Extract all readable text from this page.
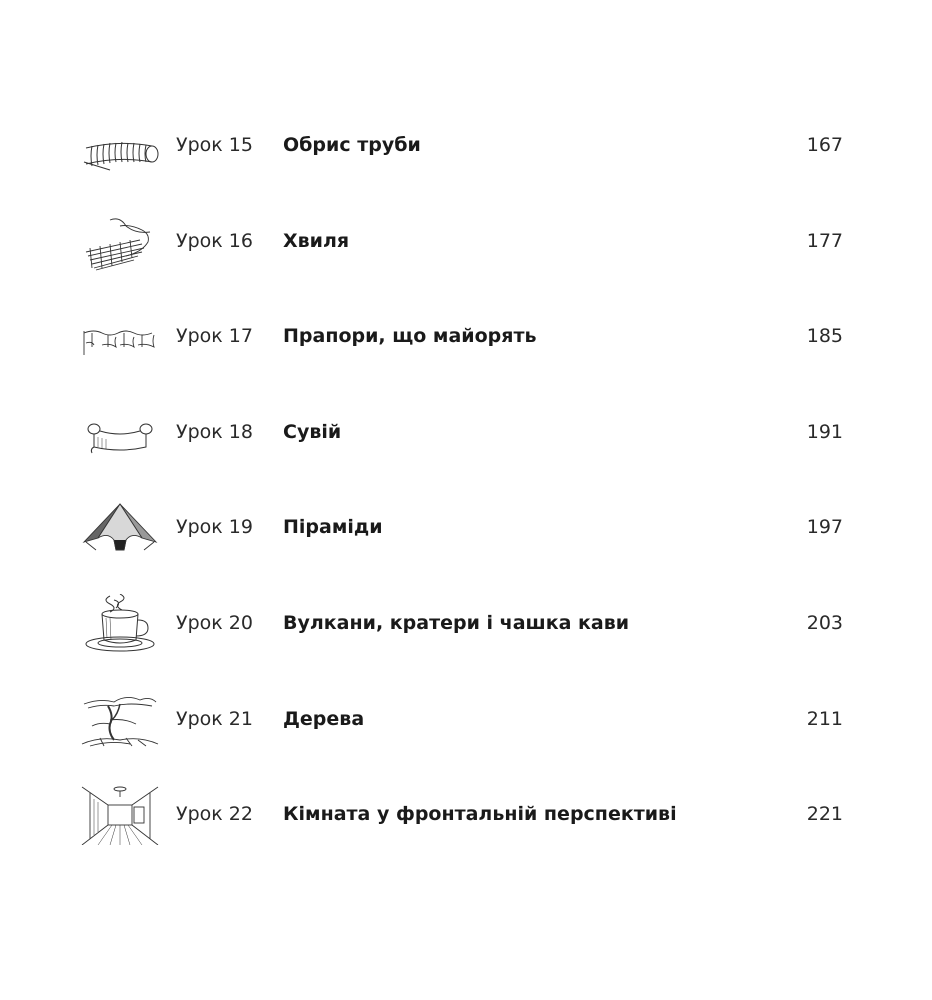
Урок 15 Обрис труби	167
Урок 16 Хвиля	177
Урок 17 Прапори, що майорять	185
Урок 18 Сувій	191
Урок 19 Піраміди	197
Урок 20 Вулкани, кратери і чашка кави	203
Урок 21 Дерева	211
Урок 22 Кімната у фронтальній перспективі	221
